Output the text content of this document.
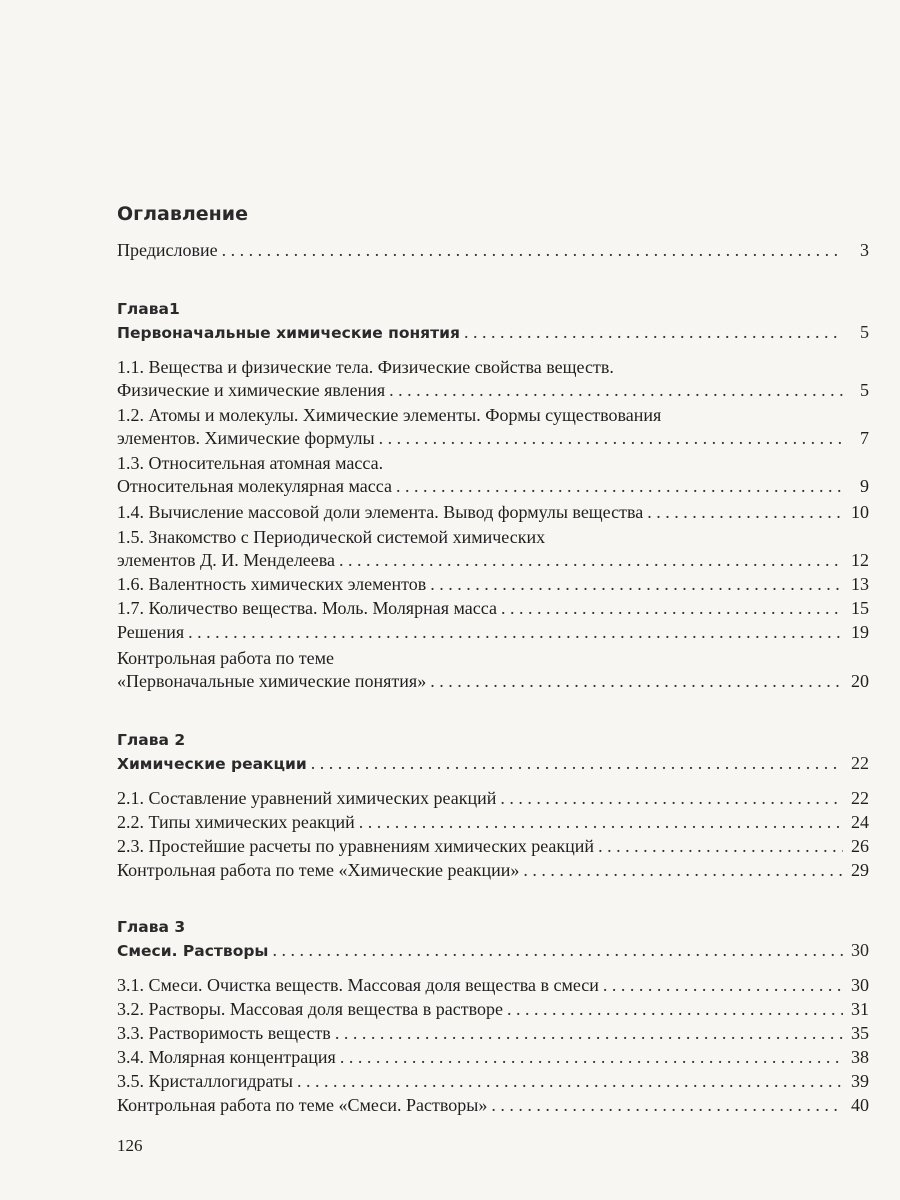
Оглавление
Предисловие . . .	3
Глава1
Первоначальные химические понятия . . .	5
1.1. Вещества и физические тела. Физические свойства веществ.
Физические и химические явления . . .	5
1.2. Атомы и молекулы. Химические элементы. Формы существования
элементов. Химические формулы . . .	7
1.3. Относительная атомная масса.
Относительная молекулярная масса . . .	9
1.4. Вычисление массовой доли элемента. Вывод формулы вещества . . .	10
1.5. Знакомство с Периодической системой химических
элементов Д. И. Менделеева . . .	12
1.6. Валентность химических элементов . . .	13
1.7. Количество вещества. Моль. Молярная масса . . .	15
Решения . . .	19
Контрольная работа по теме
«Первоначальные химические понятия» . . .	20
Глава 2
Химические реакции . . .	22
2.1. Составление уравнений химических реакций . . .	22
2.2. Типы химических реакций . . .	24
2.3. Простейшие расчеты по уравнениям химических реакций . . .	26
Контрольная работа по теме «Химические реакции» . . .	29
Глава 3
Смеси. Растворы . . .	30
3.1. Смеси. Очистка веществ. Массовая доля вещества в смеси . . .	30
3.2. Растворы. Массовая доля вещества в растворе . . .	31
3.3. Растворимость веществ . . .	35
3.4. Молярная концентрация . . .	38
3.5. Кристаллогидраты . . .	39
Контрольная работа по теме «Смеси. Растворы» . . .	40
126
